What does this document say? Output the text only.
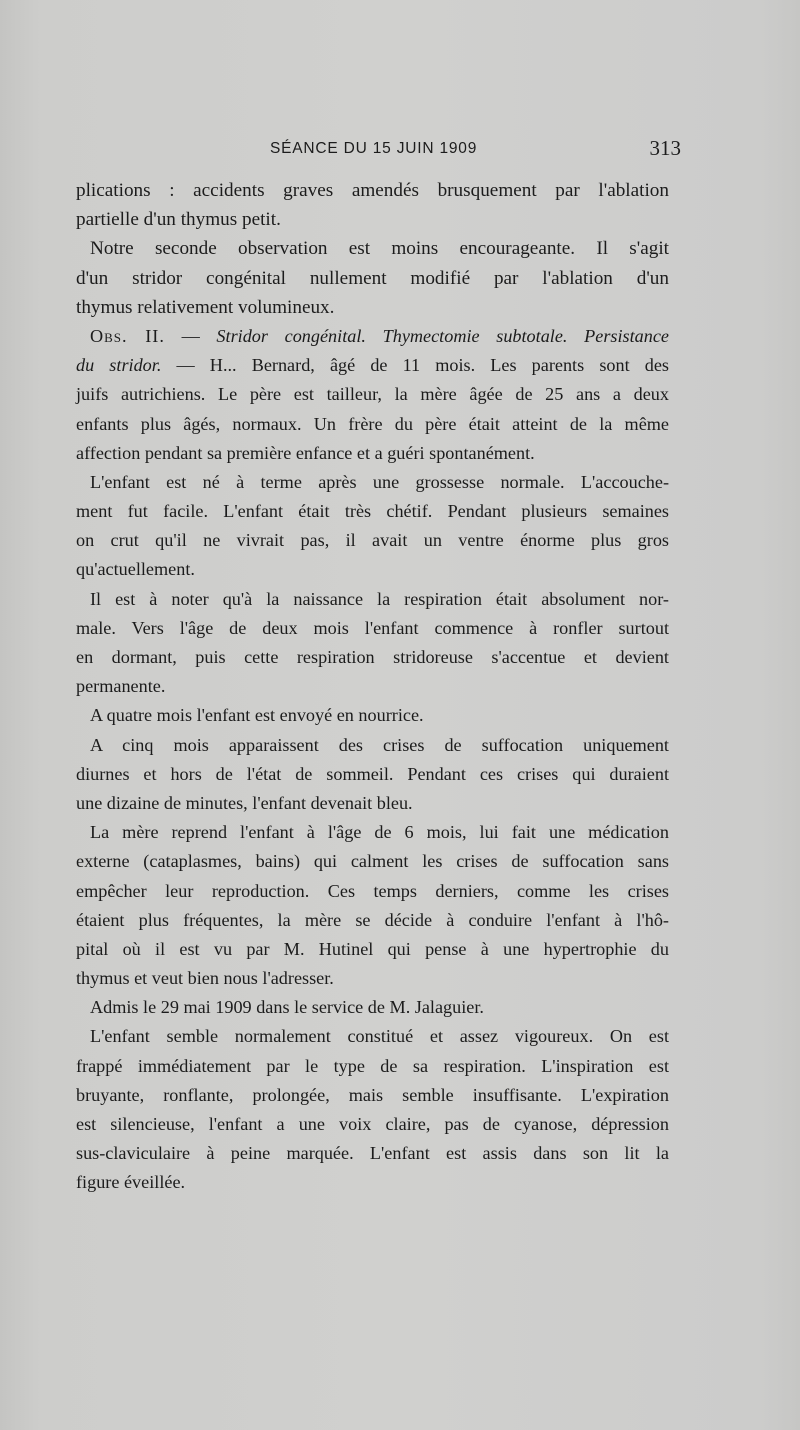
SÉANCE DU 15 JUIN 1909	313
plications : accidents graves amendés brusquement par l'ablation
partielle d'un thymus petit.
Notre seconde observation est moins encourageante. Il s'agit
d'un stridor congénital nullement modifié par l'ablation d'un
thymus relativement volumineux.
Obs. II. — Stridor congénital. Thymectomie subtotale. Persistance
du stridor. — H... Bernard, âgé de 11 mois. Les parents sont des
juifs autrichiens. Le père est tailleur, la mère âgée de 25 ans a deux
enfants plus âgés, normaux. Un frère du père était atteint de la même
affection pendant sa première enfance et a guéri spontanément.
L'enfant est né à terme après une grossesse normale. L'accouche-
ment fut facile. L'enfant était très chétif. Pendant plusieurs semaines
on crut qu'il ne vivrait pas, il avait un ventre énorme plus gros
qu'actuellement.
Il est à noter qu'à la naissance la respiration était absolument nor-
male. Vers l'âge de deux mois l'enfant commence à ronfler surtout
en dormant, puis cette respiration stridoreuse s'accentue et devient
permanente.
A quatre mois l'enfant est envoyé en nourrice.
A cinq mois apparaissent des crises de suffocation uniquement
diurnes et hors de l'état de sommeil. Pendant ces crises qui duraient
une dizaine de minutes, l'enfant devenait bleu.
La mère reprend l'enfant à l'âge de 6 mois, lui fait une médication
externe (cataplasmes, bains) qui calment les crises de suffocation sans
empêcher leur reproduction. Ces temps derniers, comme les crises
étaient plus fréquentes, la mère se décide à conduire l'enfant à l'hô-
pital où il est vu par M. Hutinel qui pense à une hypertrophie du
thymus et veut bien nous l'adresser.
Admis le 29 mai 1909 dans le service de M. Jalaguier.
L'enfant semble normalement constitué et assez vigoureux. On est
frappé immédiatement par le type de sa respiration. L'inspiration est
bruyante, ronflante, prolongée, mais semble insuffisante. L'expiration
est silencieuse, l'enfant a une voix claire, pas de cyanose, dépression
sus-claviculaire à peine marquée. L'enfant est assis dans son lit la
figure éveillée.
